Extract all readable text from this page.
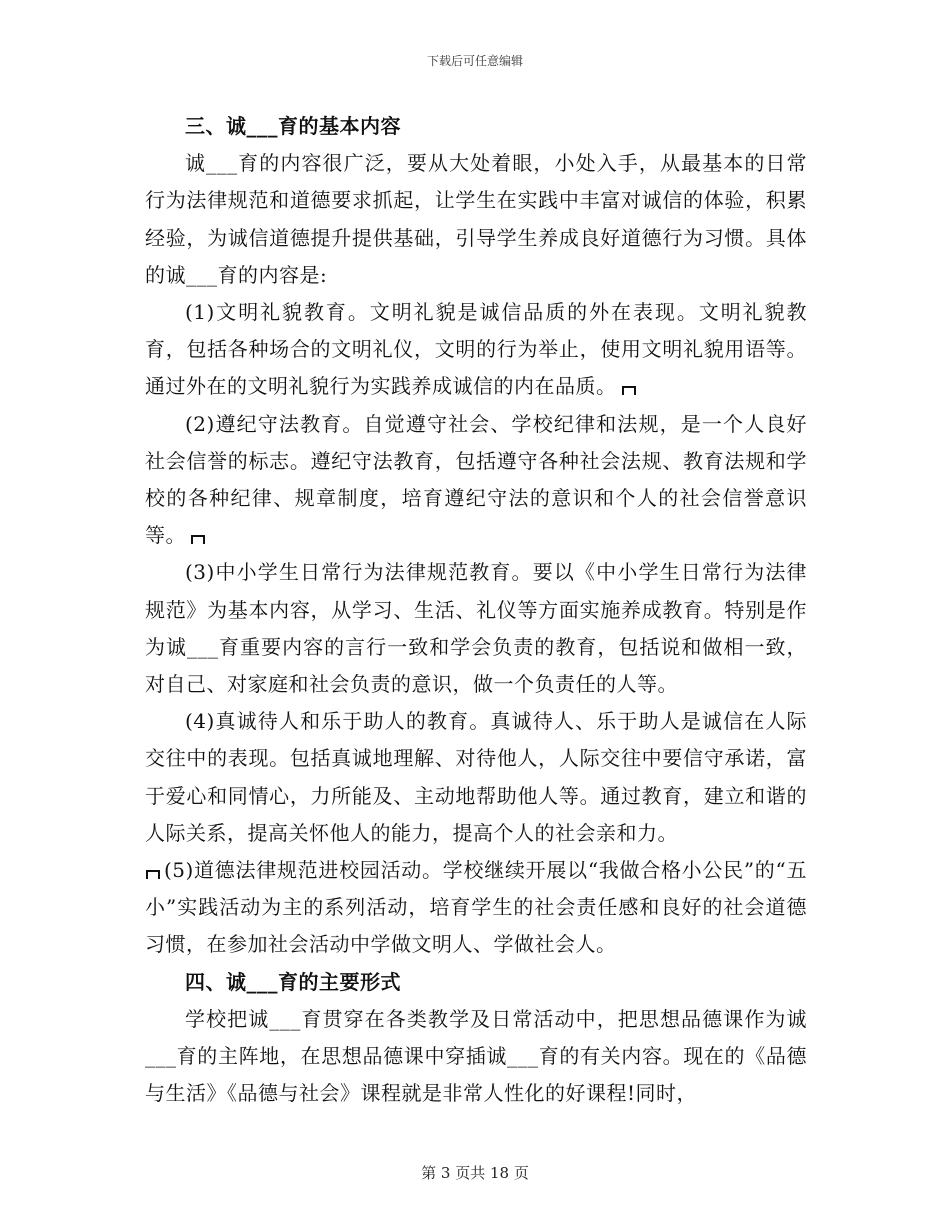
下载后可任意编辑

三、诚___育的基本内容

诚___育的内容很广泛，要从大处着眼，小处入手，从最基本的日常行为法律规范和道德要求抓起，让学生在实践中丰富对诚信的体验，积累经验，为诚信道德提升提供基础，引导学生养成良好道德行为习惯。具体的诚___育的内容是:

(1)文明礼貌教育。文明礼貌是诚信品质的外在表现。文明礼貌教育，包括各种场合的文明礼仪，文明的行为举止，使用文明礼貌用语等。通过外在的文明礼貌行为实践养成诚信的内在品质。

(2)遵纪守法教育。自觉遵守社会、学校纪律和法规，是一个人良好社会信誉的标志。遵纪守法教育，包括遵守各种社会法规、教育法规和学校的各种纪律、规章制度，培育遵纪守法的意识和个人的社会信誉意识等。

(3)中小学生日常行为法律规范教育。要以《中小学生日常行为法律规范》为基本内容，从学习、生活、礼仪等方面实施养成教育。特别是作为诚___育重要内容的言行一致和学会负责的教育，包括说和做相一致，对自己、对家庭和社会负责的意识，做一个负责任的人等。

(4)真诚待人和乐于助人的教育。真诚待人、乐于助人是诚信在人际交往中的表现。包括真诚地理解、对待他人，人际交往中要信守承诺，富于爱心和同情心，力所能及、主动地帮助他人等。通过教育，建立和谐的人际关系，提高关怀他人的能力，提高个人的社会亲和力。

(5)道德法律规范进校园活动。学校继续开展以“我做合格小公民”的“五小”实践活动为主的系列活动，培育学生的社会责任感和良好的社会道德习惯，在参加社会活动中学做文明人、学做社会人。

四、诚___育的主要形式

学校把诚___育贯穿在各类教学及日常活动中，把思想品德课作为诚___育的主阵地，在思想品德课中穿插诚___育的有关内容。现在的《品德与生活》《品德与社会》课程就是非常人性化的好课程!同时，

第 3 页共 18 页
